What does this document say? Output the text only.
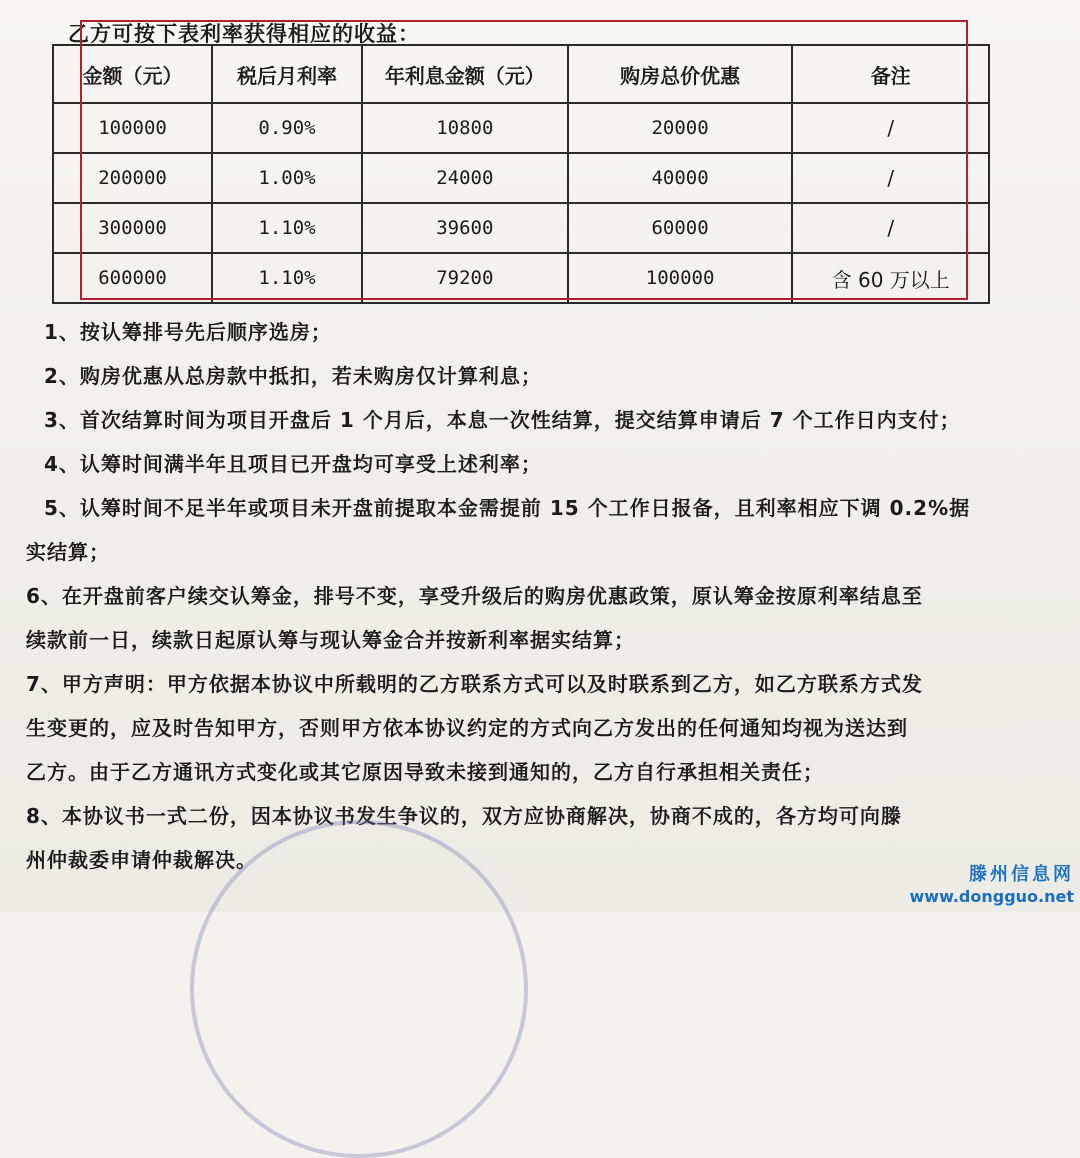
乙方可按下表利率获得相应的收益：
金额（元）	税后月利率	年利息金额（元）	购房总价优惠	备注
100000	0.90%	10800	20000	/
200000	1.00%	24000	40000	/
300000	1.10%	39600	60000	/
600000	1.10%	79200	100000	含 60 万以上

1、按认筹排号先后顺序选房；

2、购房优惠从总房款中抵扣，若未购房仅计算利息；

3、首次结算时间为项目开盘后 1 个月后，本息一次性结算，提交结算申请后 7 个工作日内支付；

4、认筹时间满半年且项目已开盘均可享受上述利率；

5、认筹时间不足半年或项目未开盘前提取本金需提前 15 个工作日报备，且利率相应下调 0.2%据

实结算；

6、在开盘前客户续交认筹金，排号不变，享受升级后的购房优惠政策，原认筹金按原利率结息至

续款前一日，续款日起原认筹与现认筹金合并按新利率据实结算；

7、甲方声明：甲方依据本协议中所载明的乙方联系方式可以及时联系到乙方，如乙方联系方式发

生变更的，应及时告知甲方，否则甲方依本协议约定的方式向乙方发出的任何通知均视为送达到

乙方。由于乙方通讯方式变化或其它原因导致未接到通知的，乙方自行承担相关责任；

8、本协议书一式二份，因本协议书发生争议的，双方应协商解决，协商不成的，各方均可向滕

州仲裁委申请仲裁解决。

滕州信息网
www.dongguo.net
